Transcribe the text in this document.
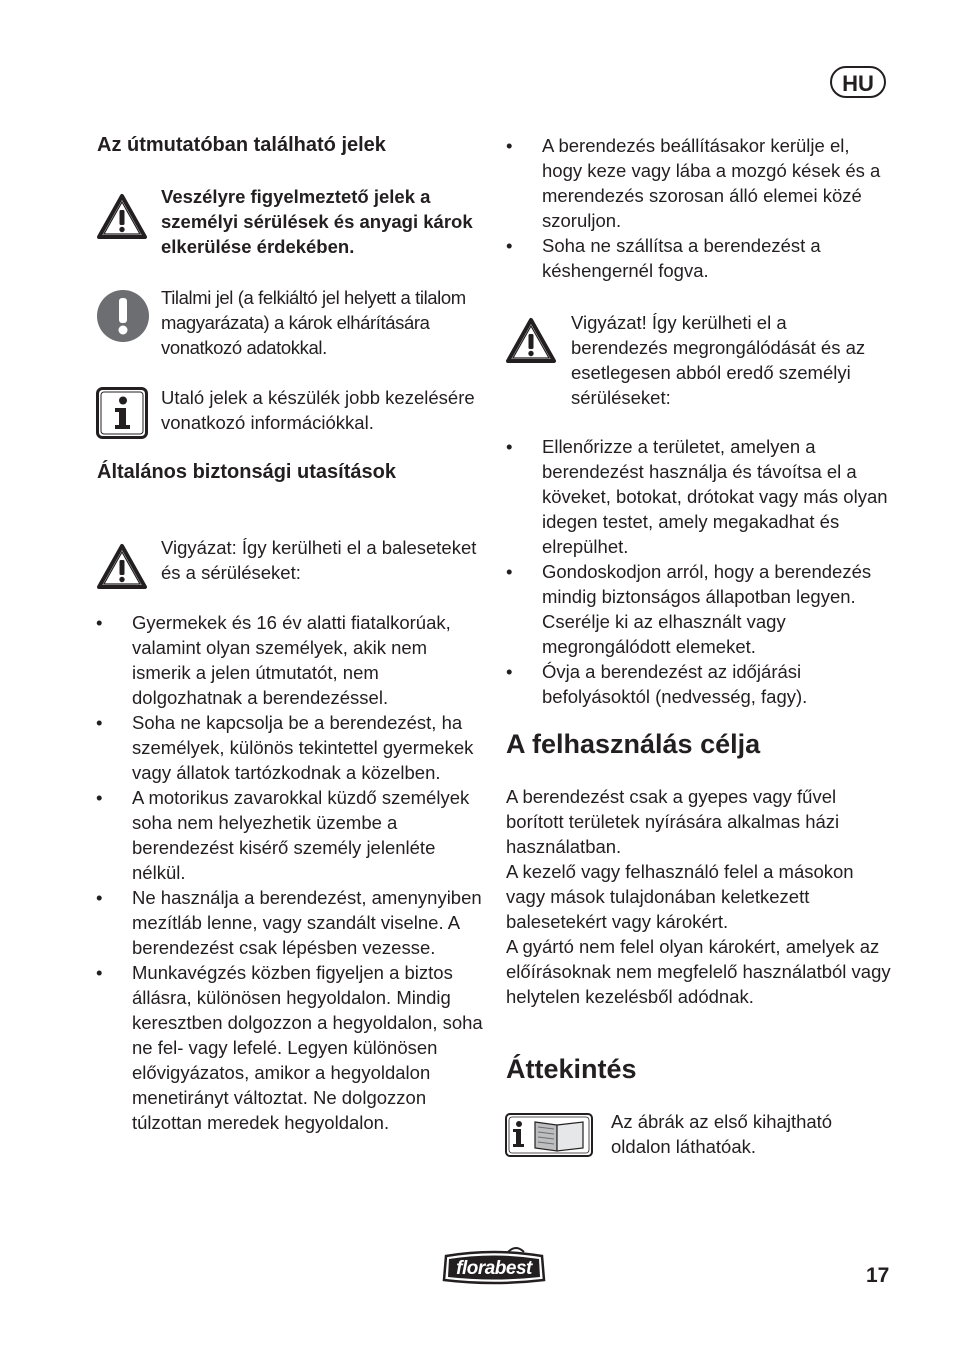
HU
Az útmutatóban található jelek

Veszélyre figyelmeztető jelek a személyi sérülések és anyagi károk elkerülése érdekében.

Tilalmi jel (a felkiáltó jel helyett a tilalom magyarázata) a károk elhárítására vonatkozó adatokkal.

Utaló jelek a készülék jobb kezelésére vonatkozó információkkal.

Általános biztonsági utasítások

Vigyázat: Így kerülheti el a baleseteket és a sérüléseket:

• Gyermekek és 16 év alatti fiatalkorúak, valamint olyan személyek, akik nem ismerik a jelen útmutatót, nem dolgozhatnak a berendezéssel.
• Soha ne kapcsolja be a berendezést, ha személyek, különös tekintettel gyermekek vagy állatok tartózkodnak a közelben.
• A motorikus zavarokkal küzdő személyek soha nem helyezhetik üzembe a berendezést kisérő személy jelenléte nélkül.
• Ne használja a berendezést, amenynyiben mezítláb lenne, vagy szandált viselne. A berendezést csak lépésben vezesse.
• Munkavégzés közben figyeljen a biztos állásra, különösen hegyoldalon. Mindig keresztben dolgozzon a hegyoldalon, soha ne fel- vagy lefelé. Legyen különösen elővigyázatos, amikor a hegyoldalon menetirányt változtat. Ne dolgozzon túlzottan meredek hegyoldalon.
• A berendezés beállításakor kerülje el, hogy keze vagy lába a mozgó kések és a merendezés szorosan álló elemei közé szoruljon.
• Soha ne szállítsa a berendezést a késhengernél fogva.

Vigyázat! Így kerülheti el a berendezés megrongálódását és az esetlegesen abból eredő személyi sérüléseket:

• Ellenőrizze a területet, amelyen a berendezést használja és távoítsa el a köveket, botokat, drótokat vagy más olyan idegen testet, amely megakadhat és elrepülhet.
• Gondoskodjon arról, hogy a berendezés mindig biztonságos állapotban legyen. Cserélje ki az elhasznált vagy megrongálódott elemeket.
• Óvja a berendezést az időjárási befolyásoktól (nedvesség, fagy).
A felhasználás célja

A berendezést csak a gyepes vagy fűvel borított területek nyírására alkalmas házi használatban.

A kezelő vagy felhasználó felel a másokon vagy mások tulajdonában keletkezett balesetekért vagy károkért.

A gyártó nem felel olyan károkért, amelyek az előírásoknak nem megfelelő használatból vagy helytelen kezelésből adódnak.

Áttekintés

Az ábrák az első kihajtható oldalon láthatóak.

florabest	17
